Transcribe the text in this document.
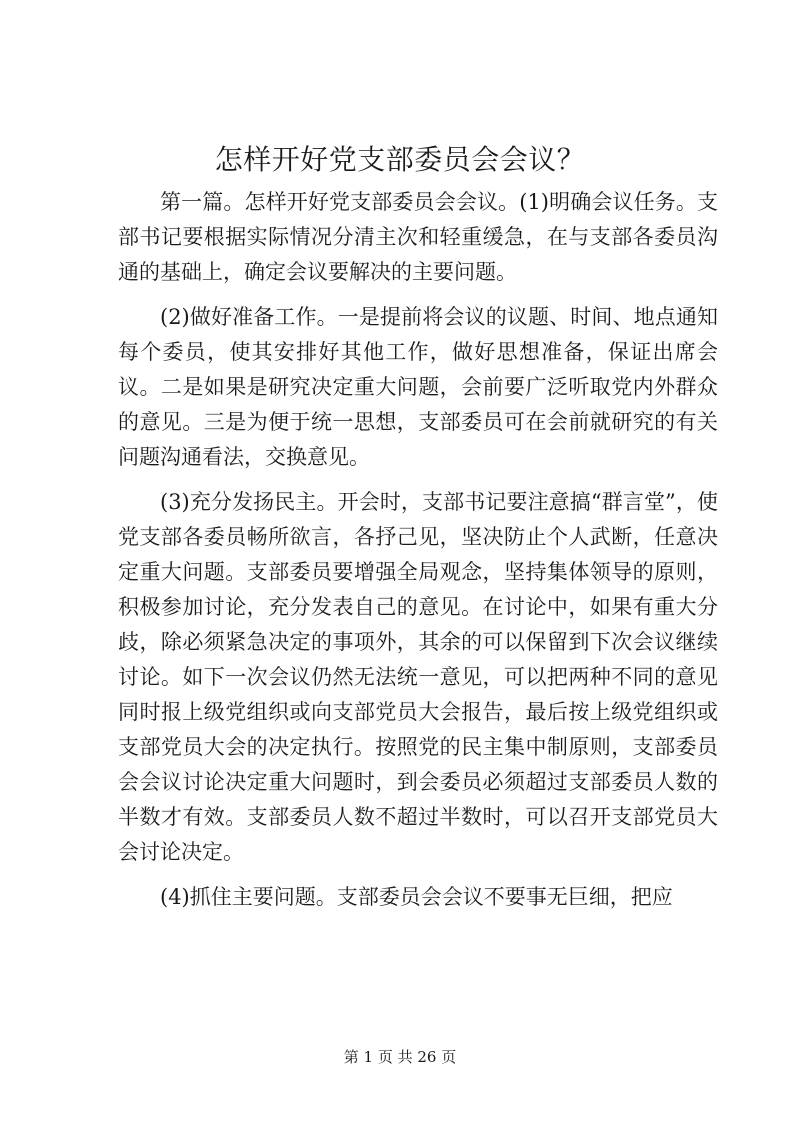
怎样开好党支部委员会会议？

第一篇。怎样开好党支部委员会会议。(1)明确会议任务。支部书记要根据实际情况分清主次和轻重缓急，在与支部各委员沟通的基础上，确定会议要解决的主要问题。

(2)做好准备工作。一是提前将会议的议题、时间、地点通知每个委员，使其安排好其他工作，做好思想准备，保证出席会议。二是如果是研究决定重大问题，会前要广泛听取党内外群众的意见。三是为便于统一思想，支部委员可在会前就研究的有关问题沟通看法，交换意见。

(3)充分发扬民主。开会时，支部书记要注意搞“群言堂”，使党支部各委员畅所欲言，各抒己见，坚决防止个人武断，任意决定重大问题。支部委员要增强全局观念，坚持集体领导的原则，积极参加讨论，充分发表自己的意见。在讨论中，如果有重大分歧，除必须紧急决定的事项外，其余的可以保留到下次会议继续讨论。如下一次会议仍然无法统一意见，可以把两种不同的意见同时报上级党组织或向支部党员大会报告，最后按上级党组织或支部党员大会的决定执行。按照党的民主集中制原则，支部委员会会议讨论决定重大问题时，到会委员必须超过支部委员人数的半数才有效。支部委员人数不超过半数时，可以召开支部党员大会讨论决定。

(4)抓住主要问题。支部委员会会议不要事无巨细，把应

第 1 页 共 26 页
